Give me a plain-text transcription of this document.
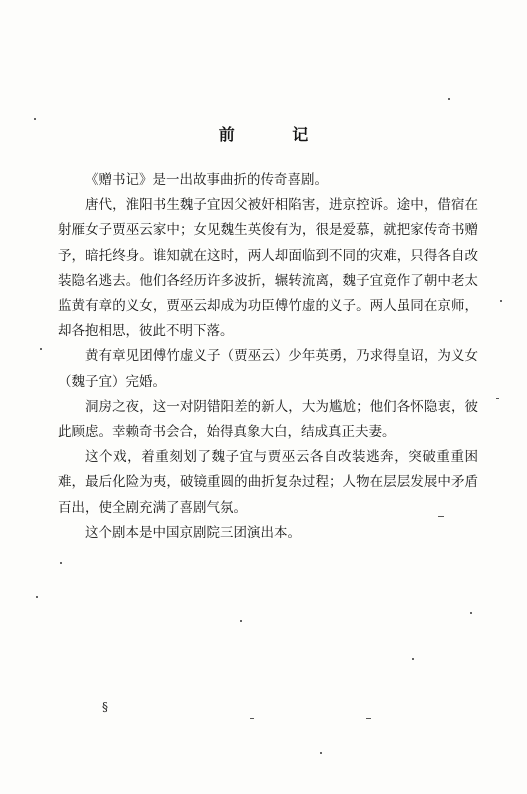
前 记

《赠书记》是一出故事曲折的传奇喜剧。

唐代，淮阳书生魏子宜因父被奸相陷害，进京控诉。途中，借宿在射雁女子贾巫云家中；女见魏生英俊有为，很是爱慕，就把家传奇书赠予，暗托终身。谁知就在这时，两人却面临到不同的灾难，只得各自改装隐名逃去。他们各经历许多波折，辗转流离，魏子宜竟作了朝中老太监黄有章的义女，贾巫云却成为功臣傅竹虚的义子。两人虽同在京师，却各抱相思，彼此不明下落。

黄有章见团傅竹虚义子（贾巫云）少年英勇，乃求得皇诏，为义女（魏子宜）完婚。

洞房之夜，这一对阴错阳差的新人，大为尴尬；他们各怀隐衷，彼此顾虑。幸赖奇书会合，始得真象大白，结成真正夫妻。

这个戏，着重刻划了魏子宜与贾巫云各自改装逃奔，突破重重困难，最后化险为夷，破镜重圆的曲折复杂过程；人物在层层发展中矛盾百出，使全剧充满了喜剧气氛。

这个剧本是中国京剧院三团演出本。

§
